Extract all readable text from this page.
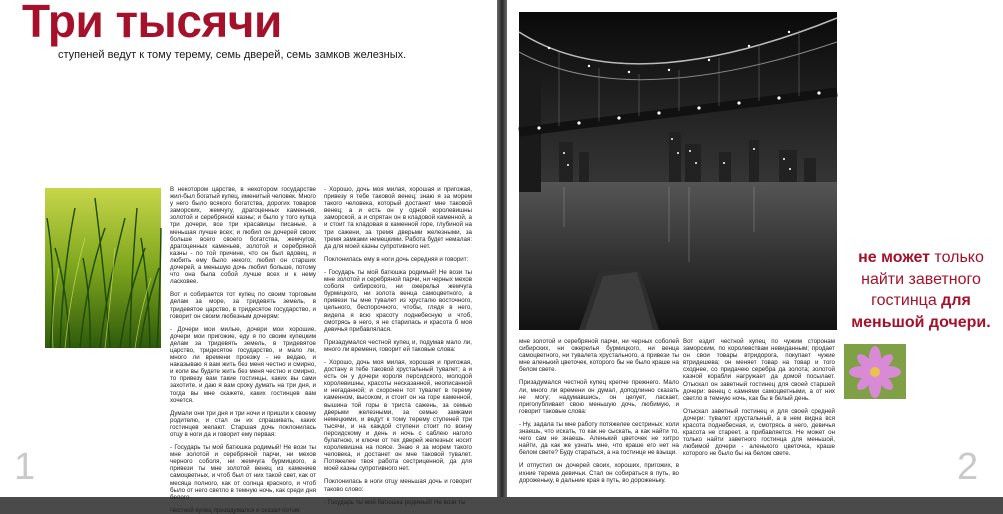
Три тысячи
ступеней ведут к тому терему, семь дверей, семь замков железных.

В некотором царстве, в некотором государстве жил-был богатый купец, именитый человек. Много у него было всякого богатства, дорогих товаров заморских, жемчугу, драгоценных каменьев, золотой и серебряной казны; и было у того купца три дочери, все три красавицы писаные, а меньшая лучше всех; и любил он дочерей своих больше всего своего богатства, жемчугов, драгоценных каменьев, золотой и серебряной казны - по той причине, что он был вдовец, и любить ему было некого; любил он старших дочерей, а меньшую дочь любил больше, потому что она была собой лучше всех и к нему ласковее.

Вот и собирается тот купец по своим торговым делам за море, за тридевять земель, в тридевятое царство, в тридесятое государство, и говорит он своим любезным дочерям:

- Дочери мои милые, дочери мои хорошие, дочери мои пригожие, еду я по своим купецким делам за тридевять земель, в тридевятое царство, тридесятое государство, и мало ли, много ли времени проезжу - не ведаю, и наказываю я вам жить без меня честно и смирно, и коли вы будете жить без меня честно и смирно, то привезу вам такие гостинцы, каких вы сами захотите, и даю я вам сроку думать на три дня, и тогда вы мне скажете, каких гостинцев вам хочется.

Думали они три дня и три ночи и пришли к своему родителю, и стал он их спрашивать, каких гостинцев желают. Старшая дочь поклонилась отцу в ноги да и говорит ему первая:

- Государь ты мой батюшка родимый! Не вози ты мне золотой и серебряной парчи, ни мехов черного соболя, ни жемчуга бурмицкого, а привези ты мне золотой венец из камениев самоцветных, и чтоб был от них такой свет, как от месяца полного, как от солнца красного, и чтоб было от него светло в темную ночь, как среди дня белого

Честной купец призадумался и сказал потом:

- Хорошо, дочь моя милая, хорошая и пригожая, привезу я тебе таковой венец; знаю я за морем такого человека, который достанет мне таковой венец; а и есть он у одной королевишны заморской, а и спрятан он в кладовой каменной, а и стоит та кладовая в каменной горе, глубиной на три сажени, за тремя дверьми железными, за тремя замками немецкими. Работа будет немалая: да для моей казны супротивного нет.

Поклонилась ему в ноги дочь середняя и говорит:

- Государь ты мой батюшка родимый! Не вози ты мне золотой и серебряной парчи, ни черных мехов соболя сибирского, ни ожерелья жемчуга бурмицкого, ни золота венца самоцветного, а привези ты мне тувалет из хрусталю восточного, цельного, беспорочного, чтобы, глядя в него, видела я всю красоту поднебесную и чтоб, смотрясь в него, я не старилась и красота б моя девичья прибавлялася.

Призадумался честной купец и, подумав мало ли, много ли времени, говорит ей таковые слова:

- Хорошо, дочь моя милая, хорошая и пригожая, достану я тебе таковой хрустальный тувалет; а и есть он у дочери короля персидского, молодой королевишны, красоты несказанной, неописанной и негаданной; и схоронен тот тувалет в терему каменном, высоком, и стоит он на горе каменной, вышина той горы в триста сажень, за семью дверьми железными, за семью замками немецкими, и ведут к тому терему ступеней три тысячи, и на каждой ступени стоит по воину персидскому и день и ночь с саблею наголо булатною, и ключи от тех дверей железных носит королевишна на поясе. Знаю я за морем такого человека, и достанет он мне таковой тувалет. Потяжелее твоя работа сестриценной, да для моей казны супротивного нет.

Поклонилась в ноги отцу меньшая дочь и говорит таково слово:

- Государь ты мой батюшка родимый! Не вози ты

1
не может только найти заветного гостинца для меньшой дочери.

мне золотой и серебряной парчи, ни черных соболей сибирских, ни ожерелья бурмицкого, ни венца самоцветного, ни тувалета хрустального, а привези ты мне аленький цветочек, которого бы не было краше на белом свете.

Призадумался честной купец крепче прежнего. Мало ли, много ли времени он думал, доподлинно сказать не могу; надумавшись, он целует, ласкает, приголубливает свою меньшую дочь, любимую, и говорит таковые слова:

- Ну, задала ты мне работу потяжелее сестриных: коли знаешь, что искать, то как не сыскать, а как найти то, чего сам не знаешь. Аленький цветочек не хитро найти, да как же узнать мне, что краше его нет на белом свете? Буду стараться, а на гостинце не взыщи.

И отпустил он дочерей своих, хороших, пригожих, в ихние терема девичьи. Стал он собираться в путь, во дороженьку, в дальние края в путь, во дороженьку.

Вот ездит честной купец по чужим сторонам заморским, по королевствам невиданным; продает он свои товары втридорога, покупает чужие втридешева; он меняет товар на товар и того сходнее, со придачею серебра да золота; золотой казной корабли нагружает да домой посылает. Отыскал он заветный гостинец для своей старшей дочери: венец с камнями самоцветными, а от них светло в темную ночь, как бы в белый день.

Отыскал заветный гостинец и для своей средней дочери: тувалет хрустальный, а в нем видна вся красота поднебесная, и, смотрясь в него, девичья красота не стареет, а прибавляется. Не может он только найти заветного гостинца для меньшой, любимой дочери - аленького цветочка, краше которого не было бы на белом свете.	2
